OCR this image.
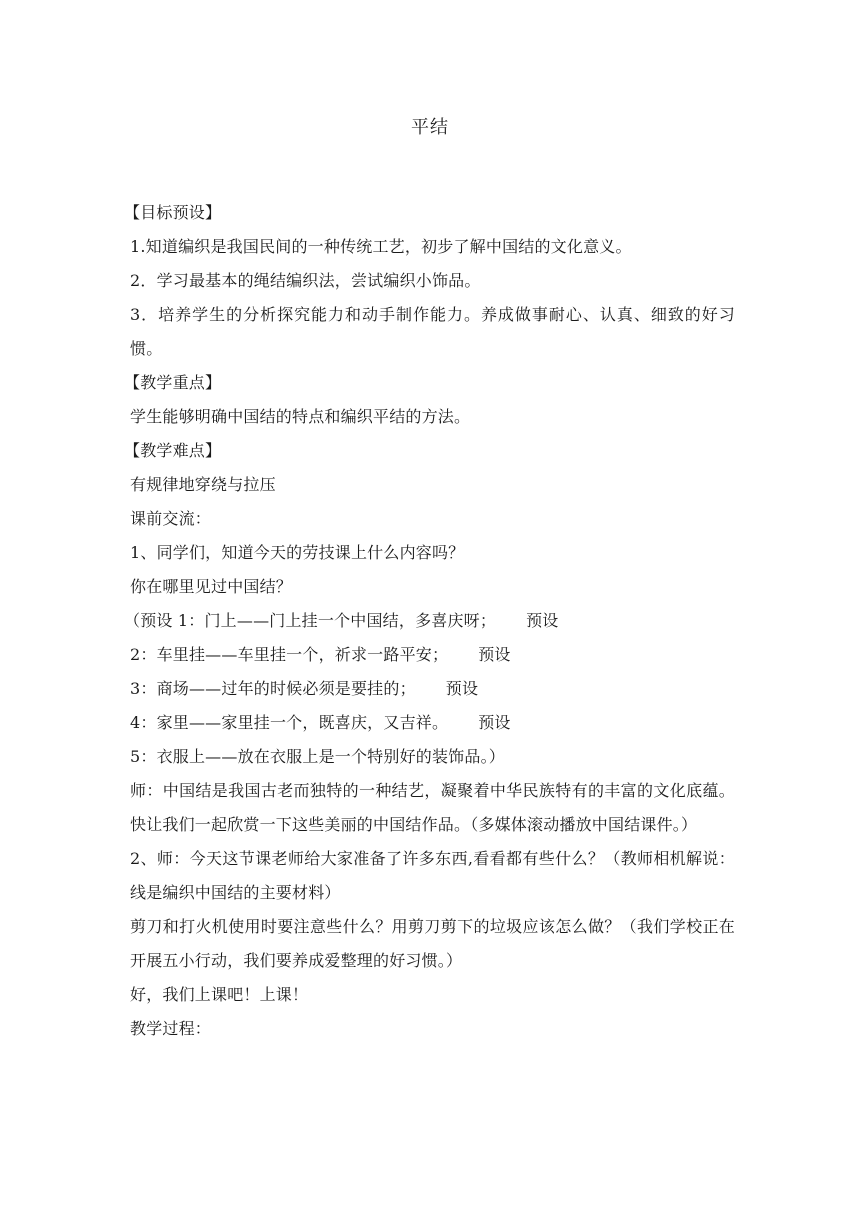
平结
【目标预设】
1.知道编织是我国民间的一种传统工艺，初步了解中国结的文化意义。
2．学习最基本的绳结编织法，尝试编织小饰品。
3．培养学生的分析探究能力和动手制作能力。养成做事耐心、认真、细致的好习惯。
【教学重点】
学生能够明确中国结的特点和编织平结的方法。
【教学难点】
有规律地穿绕与拉压
课前交流：
1、同学们，知道今天的劳技课上什么内容吗？
你在哪里见过中国结？
（预设 1：门上——门上挂一个中国结，多喜庆呀； 预设
2：车里挂——车里挂一个，祈求一路平安； 预设
3：商场——过年的时候必须是要挂的； 预设
4：家里——家里挂一个，既喜庆，又吉祥。 预设
5：衣服上——放在衣服上是一个特别好的装饰品。）
师：中国结是我国古老而独特的一种结艺，凝聚着中华民族特有的丰富的文化底蕴。快让我们一起欣赏一下这些美丽的中国结作品。（多媒体滚动播放中国结课件。）
2、师：今天这节课老师给大家准备了许多东西,看看都有些什么？（教师相机解说：线是编织中国结的主要材料）
剪刀和打火机使用时要注意些什么？用剪刀剪下的垃圾应该怎么做？（我们学校正在开展五小行动，我们要养成爱整理的好习惯。）
好，我们上课吧！上课！
教学过程：
